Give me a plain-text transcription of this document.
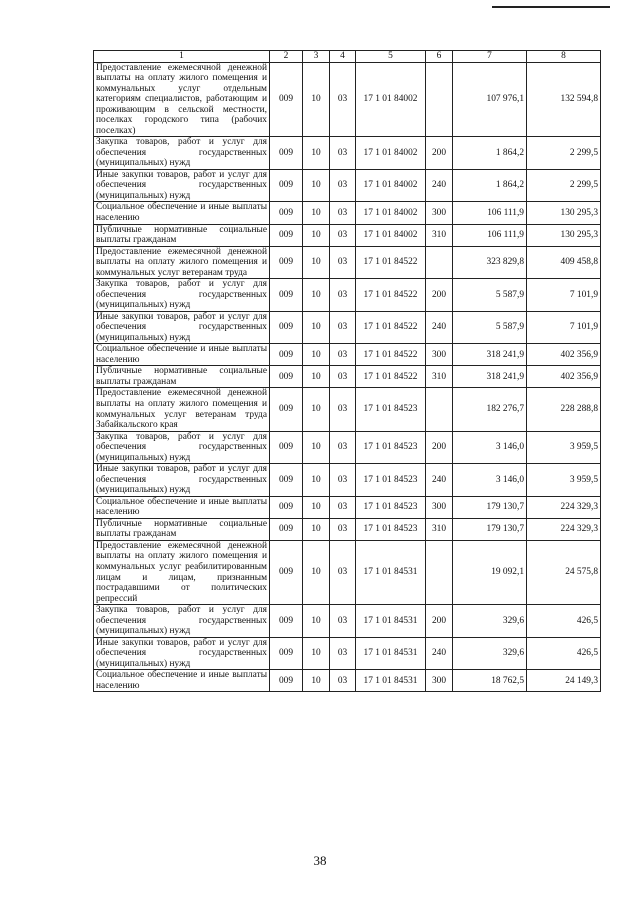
1	2	3	4	5	6	7	8
Предоставление ежемесячной денежной выплаты на оплату жилого помещения и коммунальных услуг отдельным категориям специалистов, работающим и проживающим в сельской местности, поселках городского типа (рабочих поселках)	009	10	03	17 1 01 84002		107 976,1	132 594,8
Закупка товаров, работ и услуг для обеспечения государственных (муниципальных) нужд	009	10	03	17 1 01 84002	200	1 864,2	2 299,5
Иные закупки товаров, работ и услуг для обеспечения государственных (муниципальных) нужд	009	10	03	17 1 01 84002	240	1 864,2	2 299,5
Социальное обеспечение и иные выплаты населению	009	10	03	17 1 01 84002	300	106 111,9	130 295,3
Публичные нормативные социальные выплаты гражданам	009	10	03	17 1 01 84002	310	106 111,9	130 295,3
Предоставление ежемесячной денежной выплаты на оплату жилого помещения и коммунальных услуг ветеранам труда	009	10	03	17 1 01 84522		323 829,8	409 458,8
Закупка товаров, работ и услуг для обеспечения государственных (муниципальных) нужд	009	10	03	17 1 01 84522	200	5 587,9	7 101,9
Иные закупки товаров, работ и услуг для обеспечения государственных (муниципальных) нужд	009	10	03	17 1 01 84522	240	5 587,9	7 101,9
Социальное обеспечение и иные выплаты населению	009	10	03	17 1 01 84522	300	318 241,9	402 356,9
Публичные нормативные социальные выплаты гражданам	009	10	03	17 1 01 84522	310	318 241,9	402 356,9
Предоставление ежемесячной денежной выплаты на оплату жилого помещения и коммунальных услуг ветеранам труда Забайкальского края	009	10	03	17 1 01 84523		182 276,7	228 288,8
Закупка товаров, работ и услуг для обеспечения государственных (муниципальных) нужд	009	10	03	17 1 01 84523	200	3 146,0	3 959,5
Иные закупки товаров, работ и услуг для обеспечения государственных (муниципальных) нужд	009	10	03	17 1 01 84523	240	3 146,0	3 959,5
Социальное обеспечение и иные выплаты населению	009	10	03	17 1 01 84523	300	179 130,7	224 329,3
Публичные нормативные социальные выплаты гражданам	009	10	03	17 1 01 84523	310	179 130,7	224 329,3
Предоставление ежемесячной денежной выплаты на оплату жилого помещения и коммунальных услуг реабилитированным лицам и лицам, признанным пострадавшими от политических репрессий	009	10	03	17 1 01 84531		19 092,1	24 575,8
Закупка товаров, работ и услуг для обеспечения государственных (муниципальных) нужд	009	10	03	17 1 01 84531	200	329,6	426,5
Иные закупки товаров, работ и услуг для обеспечения государственных (муниципальных) нужд	009	10	03	17 1 01 84531	240	329,6	426,5
Социальное обеспечение и иные выплаты населению	009	10	03	17 1 01 84531	300	18 762,5	24 149,3
38
